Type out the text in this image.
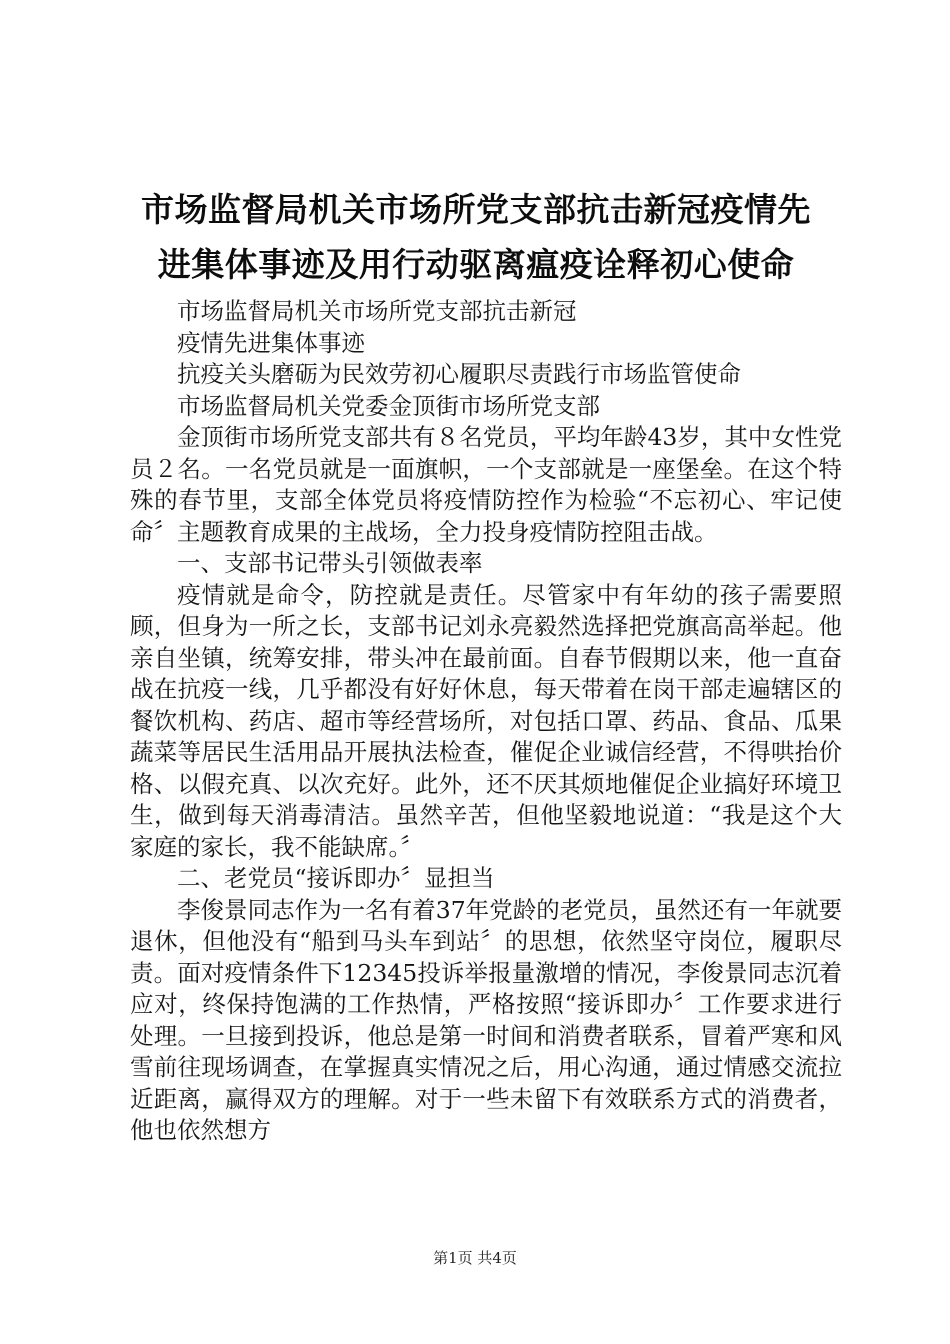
市场监督局机关市场所党支部抗击新冠疫情先
进集体事迹及用行动驱离瘟疫诠释初心使命

市场监督局机关市场所党支部抗击新冠

疫情先进集体事迹

抗疫关头磨砺为民效劳初心履职尽责践行市场监管使命

市场监督局机关党委金顶街市场所党支部

金顶街市场所党支部共有８名党员，平均年龄43岁，其中女性党员２名。一名党员就是一面旗帜，一个支部就是一座堡垒。在这个特殊的春节里，支部全体党员将疫情防控作为检验“不忘初心、牢记使命〞主题教育成果的主战场，全力投身疫情防控阻击战。

一、支部书记带头引领做表率

疫情就是命令，防控就是责任。尽管家中有年幼的孩子需要照顾，但身为一所之长，支部书记刘永亮毅然选择把党旗高高举起。他亲自坐镇，统筹安排，带头冲在最前面。自春节假期以来，他一直奋战在抗疫一线，几乎都没有好好休息，每天带着在岗干部走遍辖区的餐饮机构、药店、超市等经营场所，对包括口罩、药品、食品、瓜果蔬菜等居民生活用品开展执法检查，催促企业诚信经营，不得哄抬价格、以假充真、以次充好。此外，还不厌其烦地催促企业搞好环境卫生，做到每天消毒清洁。虽然辛苦，但他坚毅地说道：“我是这个大家庭的家长，我不能缺席。〞

二、老党员“接诉即办〞显担当

李俊景同志作为一名有着37年党龄的老党员，虽然还有一年就要退休，但他没有“船到马头车到站〞的思想，依然坚守岗位，履职尽责。面对疫情条件下12345投诉举报量激增的情况，李俊景同志沉着应对，终保持饱满的工作热情，严格按照“接诉即办〞工作要求进行处理。一旦接到投诉，他总是第一时间和消费者联系，冒着严寒和风雪前往现场调查，在掌握真实情况之后，用心沟通，通过情感交流拉近距离，赢得双方的理解。对于一些未留下有效联系方式的消费者，他也依然想方

第1页 共4页
